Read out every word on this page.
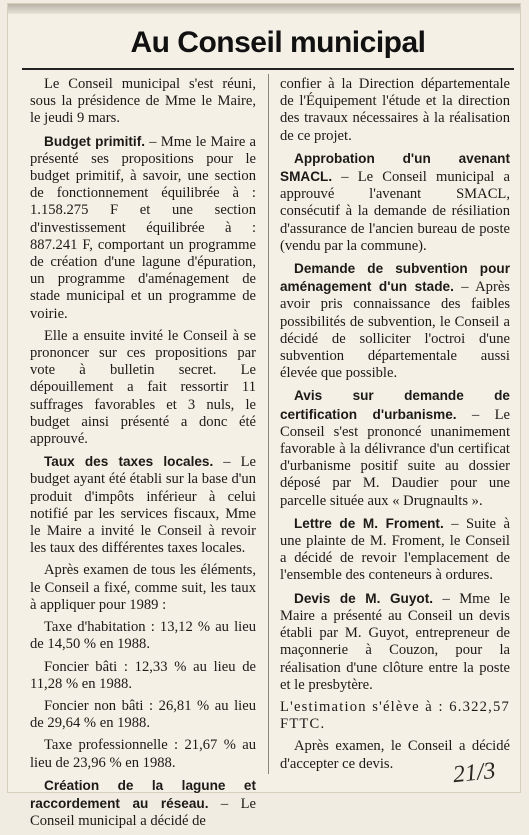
Au Conseil municipal

Le Conseil municipal s'est réuni, sous la présidence de Mme le Maire, le jeudi 9 mars.

Budget primitif. – Mme le Maire a présenté ses propositions pour le budget primitif, à savoir, une section de fonctionnement équilibrée à : 1.158.275 F et une section d'investissement équilibrée à : 887.241 F, comportant un programme de création d'une lagune d'épuration, un programme d'aménagement de stade municipal et un programme de voirie.

Elle a ensuite invité le Conseil à se prononcer sur ces propositions par vote à bulletin secret. Le dépouillement a fait ressortir 11 suffrages favorables et 3 nuls, le budget ainsi présenté a donc été approuvé.

Taux des taxes locales. – Le budget ayant été établi sur la base d'un produit d'impôts inférieur à celui notifié par les services fiscaux, Mme le Maire a invité le Conseil à revoir les taux des différentes taxes locales.

Après examen de tous les éléments, le Conseil a fixé, comme suit, les taux à appliquer pour 1989 :

Taxe d'habitation : 13,12 % au lieu de 14,50 % en 1988.

Foncier bâti : 12,33 % au lieu de 11,28 % en 1988.

Foncier non bâti : 26,81 % au lieu de 29,64 % en 1988.

Taxe professionnelle : 21,67 % au lieu de 23,96 % en 1988.

Création de la lagune et raccordement au réseau. – Le Conseil municipal a décidé de

confier à la Direction départementale de l'Équipement l'étude et la direction des travaux nécessaires à la réalisation de ce projet.

Approbation d'un avenant SMACL. – Le Conseil municipal a approuvé l'avenant SMACL, consécutif à la demande de résiliation d'assurance de l'ancien bureau de poste (vendu par la commune).

Demande de subvention pour aménagement d'un stade. – Après avoir pris connaissance des faibles possibilités de subvention, le Conseil a décidé de solliciter l'octroi d'une subvention départementale aussi élevée que possible.

Avis sur demande de certification d'urbanisme. – Le Conseil s'est prononcé unanimement favorable à la délivrance d'un certificat d'urbanisme positif suite au dossier déposé par M. Daudier pour une parcelle située aux « Drugnaults ».

Lettre de M. Froment. – Suite à une plainte de M. Froment, le Conseil a décidé de revoir l'emplacement de l'ensemble des conteneurs à ordures.

Devis de M. Guyot. – Mme le Maire a présenté au Conseil un devis établi par M. Guyot, entrepreneur de maçonnerie à Couzon, pour la réalisation d'une clôture entre la poste et le presbytère.

L'estimation s'élève à : 6.322,57 FTTC.

Après examen, le Conseil a décidé d'accepter ce devis.	21/3
